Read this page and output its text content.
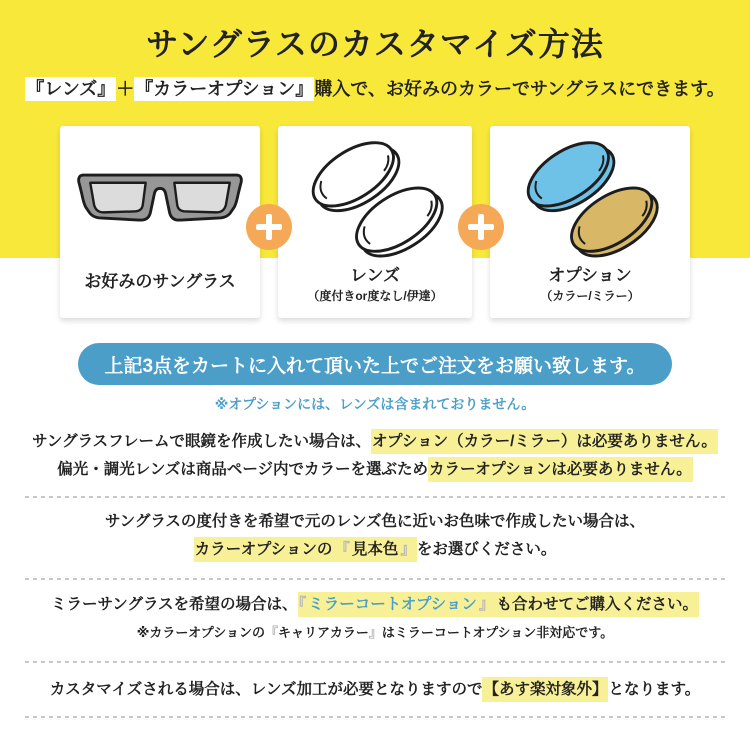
サングラスのカスタマイズ方法
『レンズ』＋『カラーオプション』購入で、お好みのカラーでサングラスにできます。
お好みのサングラス	レンズ
（度付きor度なし/伊達）
オプション
（カラー/ミラー）
上記3点をカートに入れて頂いた上でご注文をお願い致します。
※オプションには、レンズは含まれておりません。
サングラスフレームで眼鏡を作成したい場合は、オプション（カラー/ミラー）は必要ありません。
偏光・調光レンズは商品ページ内でカラーを選ぶためカラーオプションは必要ありません。
サングラスの度付きを希望で元のレンズ色に近いお色味で作成したい場合は、
カラーオプションの 『 見本色 』をお選びください。
ミラーサングラスを希望の場合は、『 ミラーコートオプション 』 も合わせてご購入ください。
※カラーオプションの『キャリアカラー』はミラーコートオプション非対応です。
カスタマイズされる場合は、レンズ加工が必要となりますので【あす楽対象外】となります。
